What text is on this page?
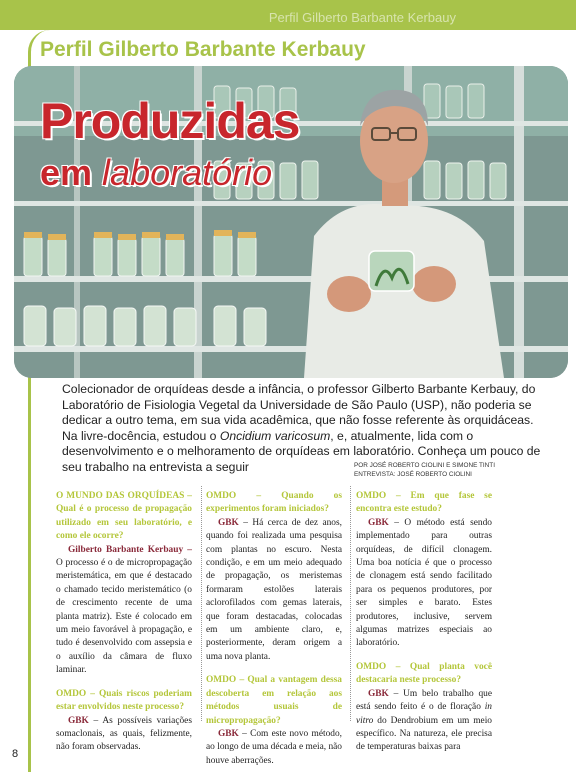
Perfil Gilberto Barbante Kerbauy
Perfil Gilberto Barbante Kerbauy
Produzidas
em laboratório
Colecionador de orquídeas desde a infância, o professor Gilberto Barbante Kerbauy, do Laboratório de Fisiologia Vegetal da Universidade de São Paulo (USP), não poderia se dedicar a outro tema, em sua vida acadêmica, que não fosse referente às orquidáceas. Na livre-docência, estudou o Oncidium varicosum, e, atualmente, lida com o desenvolvimento e o melhoramento de orquídeas em laboratório. Conheça um pouco de seu trabalho na entrevista a seguir	POR JOSÉ ROBERTO CIOLINI E SIMONE TINTI
ENTREVISTA: JOSÉ ROBERTO CIOLINI

O MUNDO DAS ORQUÍDEAS – Qual é o processo de propagação utilizado em seu laboratório, e como ele ocorre?

Gilberto Barbante Kerbauy – O processo é o de micropropagação meristemática, em que é destacado o chamado tecido meristemático (o de crescimento recente de uma planta matriz). Este é colocado em um meio favorável à propagação, e tudo é desenvolvido com assepsia e o auxílio da câmara de fluxo laminar.

OMDO – Quais riscos poderiam estar envolvidos neste processo?

GBK – As possíveis variações somaclonais, as quais, felizmente, não foram observadas.

OMDO – Quando os experimentos foram iniciados?

GBK – Há cerca de dez anos, quando foi realizada uma pesquisa com plantas no escuro. Nesta condição, e em um meio adequado de propagação, os meristemas formaram estolões laterais aclorofilados com gemas laterais, que foram destacadas, colocadas em um ambiente claro, e, posteriormente, deram origem a uma nova planta.

OMDO – Qual a vantagem dessa descoberta em relação aos métodos usuais de micropropagação?

GBK – Com este novo método, ao longo de uma década e meia, não houve aberrações.

OMDO – Em que fase se encontra este estudo?

GBK – O método está sendo implementado para outras orquídeas, de difícil clonagem. Uma boa notícia é que o processo de clonagem está sendo facilitado para os pequenos produtores, por ser simples e barato. Estes produtores, inclusive, servem algumas matrizes especiais ao laboratório.

OMDO – Qual planta você destacaria neste processo?

GBK – Um belo trabalho que está sendo feito é o de floração in vitro do Dendrobium em um meio específico. Na natureza, ele precisa de temperaturas baixas para

8
